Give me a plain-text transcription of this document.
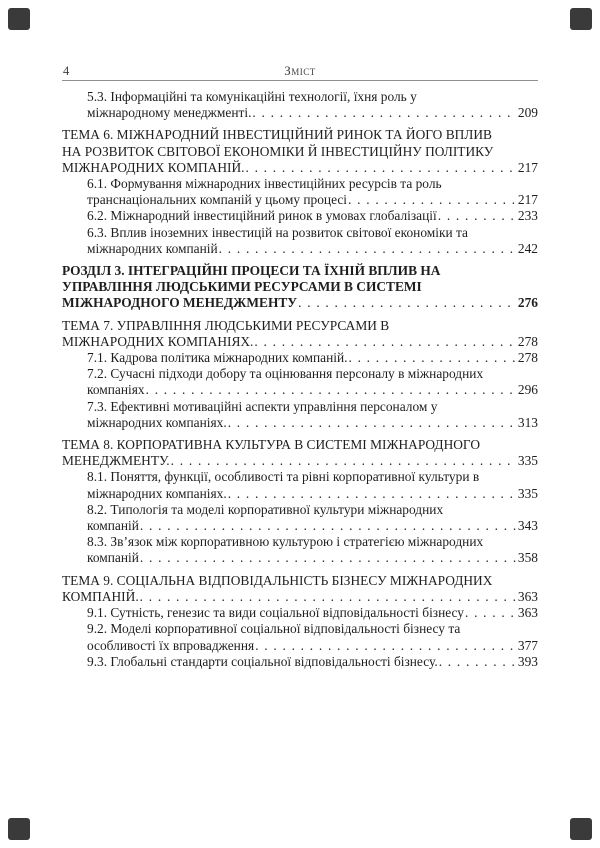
4	Зміст
5.3. Інформаційні та комунікаційні технології, їхня роль у
міжнародному менеджменті. . . .	209
ТЕМА 6. МІЖНАРОДНИЙ ІНВЕСТИЦІЙНИЙ РИНОК ТА ЙОГО ВПЛИВ
НА РОЗВИТОК СВІТОВОЇ ЕКОНОМІКИ Й ІНВЕСТИЦІЙНУ ПОЛІТИКУ
МІЖНАРОДНИХ КОМПАНІЙ. . . .	217
6.1. Формування міжнародних інвестиційних ресурсів та роль
транснаціональних компаній у цьому процесі . . .	217
6.2. Міжнародний інвестиційний ринок в умовах глобалізації . . .	233
6.3. Вплив іноземних інвестицій на розвиток світової економіки та
міжнародних компаній . . .	242
РОЗДІЛ 3. ІНТЕГРАЦІЙНІ ПРОЦЕСИ ТА ЇХНІЙ ВПЛИВ НА
УПРАВЛІННЯ ЛЮДСЬКИМИ РЕСУРСАМИ В СИСТЕМІ
МІЖНАРОДНОГО МЕНЕДЖМЕНТУ . . .	276
ТЕМА 7. УПРАВЛІННЯ ЛЮДСЬКИМИ РЕСУРСАМИ В
МІЖНАРОДНИХ КОМПАНІЯХ. . . .	278
7.1. Кадрова політика міжнародних компаній. . . .	278
7.2. Сучасні підходи добору та оцінювання персоналу в міжнародних
компаніях . . .	296
7.3. Ефективні мотиваційні аспекти управління персоналом у
міжнародних компаніях. . . .	313
ТЕМА 8. КОРПОРАТИВНА КУЛЬТУРА В СИСТЕМІ МІЖНАРОДНОГО
МЕНЕДЖМЕНТУ. . . .	335
8.1. Поняття, функції, особливості та рівні корпоративної культури в
міжнародних компаніях. . . .	335
8.2. Типологія та моделі корпоративної культури міжнародних
компаній . . .	343
8.3. Зв’язок між корпоративною культурою і стратегією міжнародних
компаній . . .	358
ТЕМА 9. СОЦІАЛЬНА ВІДПОВІДАЛЬНІСТЬ БІЗНЕСУ МІЖНАРОДНИХ
КОМПАНІЙ. . . .	363
9.1. Сутність, генезис та види соціальної відповідальності бізнесу . . .	363
9.2. Моделі корпоративної соціальної відповідальності бізнесу та
особливості їх впровадження . . .	377
9.3. Глобальні стандарти соціальної відповідальності бізнесу. . . .	393
